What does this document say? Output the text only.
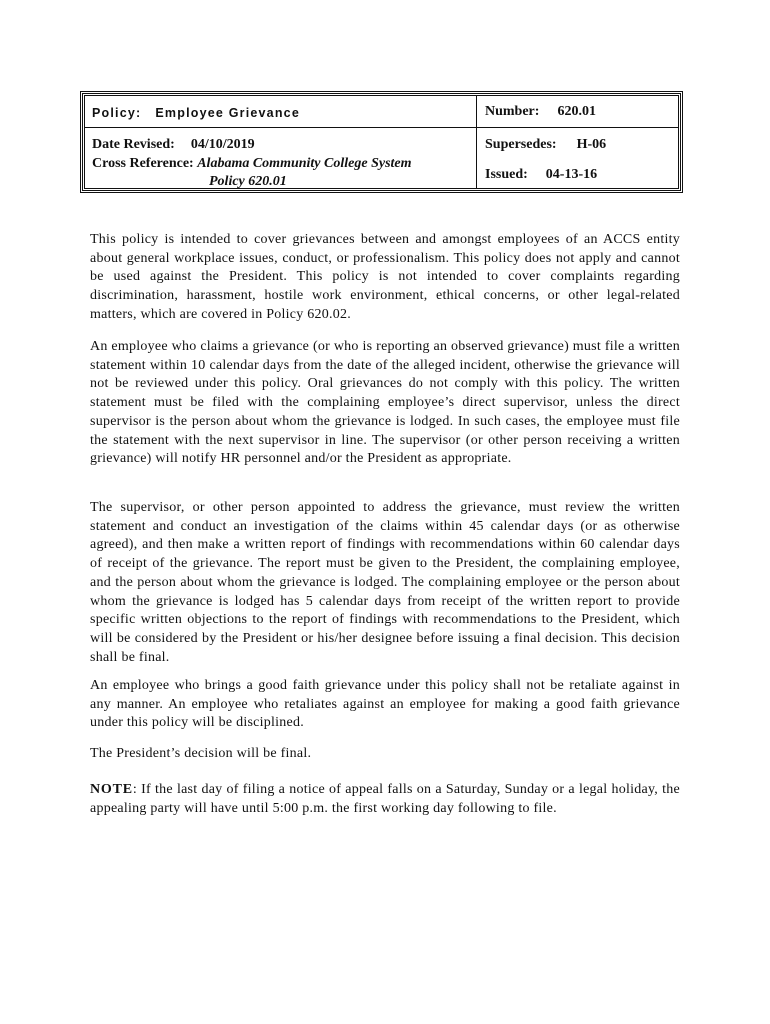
Policy: Employee Grievance
Date Revised: 04/10/2019
Cross Reference: Alabama Community College System
Policy 620.01
Number: 620.01
Supersedes: H-06
Issued: 04-13-16

This policy is intended to cover grievances between and amongst employees of an ACCS entity about general workplace issues, conduct, or professionalism. This policy does not apply and cannot be used against the President. This policy is not intended to cover complaints regarding discrimination, harassment, hostile work environment, ethical concerns, or other legal-related matters, which are covered in Policy 620.02.

An employee who claims a grievance (or who is reporting an observed grievance) must file a written statement within 10 calendar days from the date of the alleged incident, otherwise the grievance will not be reviewed under this policy. Oral grievances do not comply with this policy. The written statement must be filed with the complaining employee’s direct supervisor, unless the direct supervisor is the person about whom the grievance is lodged. In such cases, the employee must file the statement with the next supervisor in line. The supervisor (or other person receiving a written grievance) will notify HR personnel and/or the President as appropriate.

The supervisor, or other person appointed to address the grievance, must review the written statement and conduct an investigation of the claims within 45 calendar days (or as otherwise agreed), and then make a written report of findings with recommendations within 60 calendar days of receipt of the grievance. The report must be given to the President, the complaining employee, and the person about whom the grievance is lodged. The complaining employee or the person about whom the grievance is lodged has 5 calendar days from receipt of the written report to provide specific written objections to the report of findings with recommendations to the President, which will be considered by the President or his/her designee before issuing a final decision. This decision shall be final.

An employee who brings a good faith grievance under this policy shall not be retaliate against in any manner. An employee who retaliates against an employee for making a good faith grievance under this policy will be disciplined.

The President’s decision will be final.

NOTE: If the last day of filing a notice of appeal falls on a Saturday, Sunday or a legal holiday, the appealing party will have until 5:00 p.m. the first working day following to file.
